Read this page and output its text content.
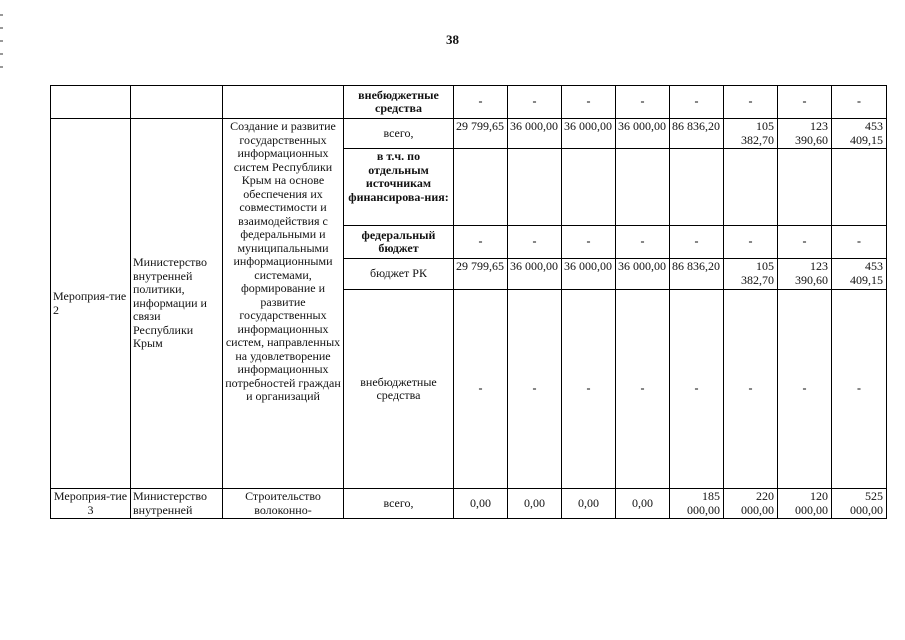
38
			внебюджетные средства	-	-	-	-	-	-	-	-
Мероприя-тие 2	Министерство внутренней политики, информации и связи Республики Крым	Создание и развитие государственных информационных систем Республики Крым на основе обеспечения их совместимости и взаимодействия с федеральными и муниципальными информационными системами, формирование и развитие государственных информационных систем, направленных на удовлетворение информационных потребностей граждан и организаций	всего,	29 799,65	36 000,00	36 000,00	36 000,00	86 836,20	105 382,70	123 390,60	453 409,15
			в т.ч. по отдельным источникам финансирова-ния:								
			федеральный бюджет	-	-	-	-	-	-	-	-
			бюджет РК	29 799,65	36 000,00	36 000,00	36 000,00	86 836,20	105 382,70	123 390,60	453 409,15
			внебюджетные средства	-	-	-	-	-	-	-	-
Мероприя-тие 3	Министерство внутренней	Строительство волоконно-	всего,	0,00	0,00	0,00	0,00	185 000,00	220 000,00	120 000,00	525 000,00
